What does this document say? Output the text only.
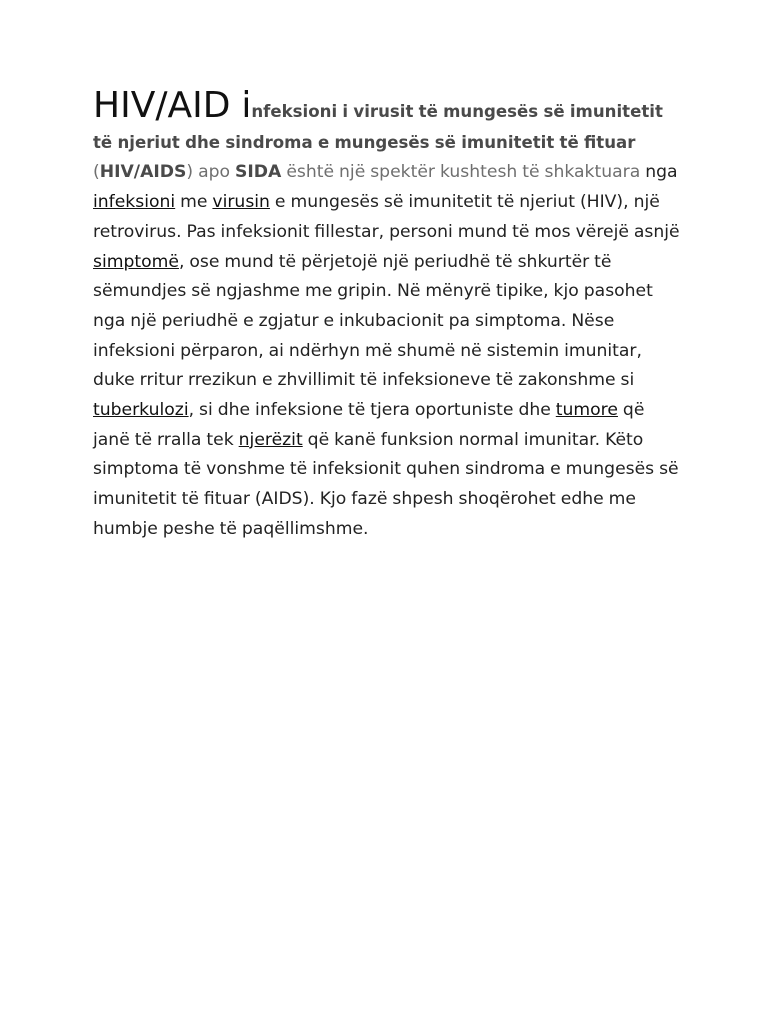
HIV/AID infeksioni i virusit të mungesës së imunitetit të njeriut dhe sindroma e mungesës së imunitetit të fituar (HIV/AIDS) apo SIDA është një spektër kushtesh të shkaktuara nga infeksioni me virusin e mungesës së imunitetit të njeriut (HIV), një retrovirus. Pas infeksionit fillestar, personi mund të mos vërejë asnjë simptomë, ose mund të përjetojë një periudhë të shkurtër të sëmundjes së ngjashme me gripin. Në mënyrë tipike, kjo pasohet nga një periudhë e zgjatur e inkubacionit pa simptoma. Nëse infeksioni përparon, ai ndërhyn më shumë në sistemin imunitar, duke rritur rrezikun e zhvillimit të infeksioneve të zakonshme si tuberkulozi, si dhe infeksione të tjera oportuniste dhe tumore që janë të rralla tek njerëzit që kanë funksion normal imunitar. Këto simptoma të vonshme të infeksionit quhen sindroma e mungesës së imunitetit të fituar (AIDS). Kjo fazë shpesh shoqërohet edhe me humbje peshe të paqëllimshme.
